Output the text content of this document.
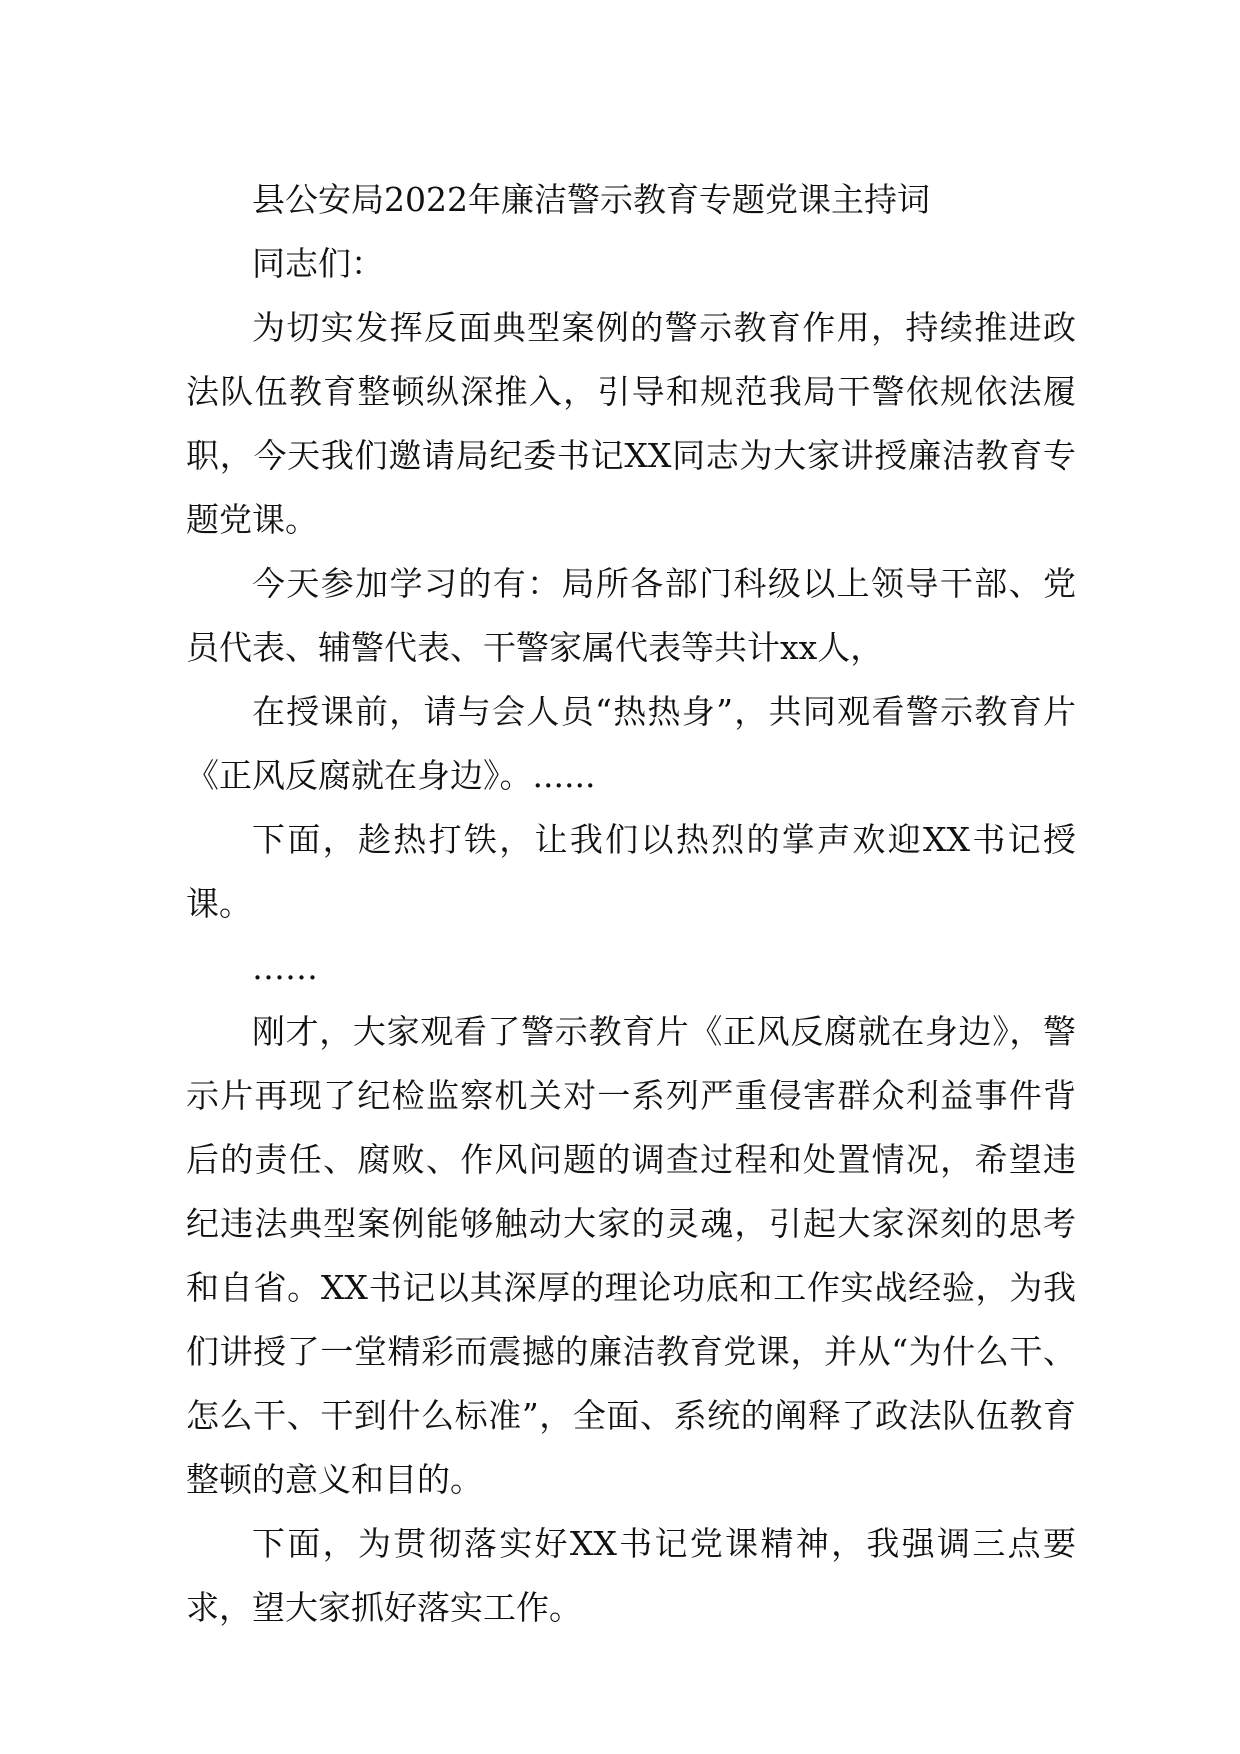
县公安局2022年廉洁警示教育专题党课主持词

同志们：

为切实发挥反面典型案例的警示教育作用，持续推进政法队伍教育整顿纵深推入，引导和规范我局干警依规依法履职，今天我们邀请局纪委书记XX同志为大家讲授廉洁教育专题党课。

今天参加学习的有：局所各部门科级以上领导干部、党员代表、辅警代表、干警家属代表等共计xx人，

在授课前，请与会人员“热热身”，共同观看警示教育片《正风反腐就在身边》。......

下面，趁热打铁，让我们以热烈的掌声欢迎XX书记授课。

……

刚才，大家观看了警示教育片《正风反腐就在身边》，警示片再现了纪检监察机关对一系列严重侵害群众利益事件背后的责任、腐败、作风问题的调查过程和处置情况，希望违纪违法典型案例能够触动大家的灵魂，引起大家深刻的思考和自省。XX书记以其深厚的理论功底和工作实战经验，为我们讲授了一堂精彩而震撼的廉洁教育党课，并从“为什么干、怎么干、干到什么标准”，全面、系统的阐释了政法队伍教育整顿的意义和目的。

下面，为贯彻落实好XX书记党课精神，我强调三点要求，望大家抓好落实工作。
